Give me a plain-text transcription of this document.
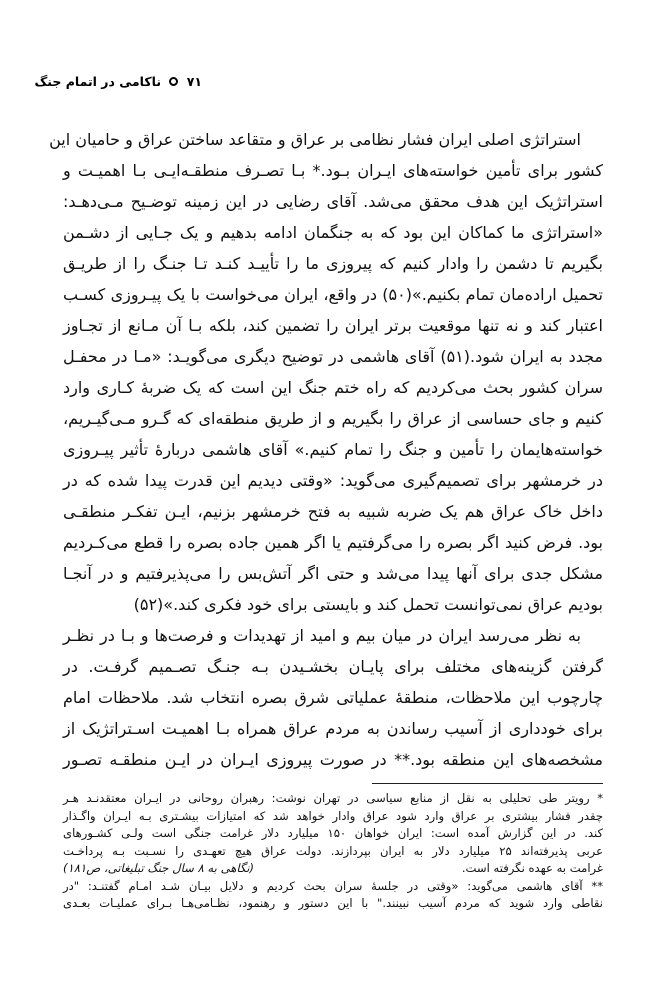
۷۱  ناکامی در اتمام جنگ
استراتژی اصلی ایران فشار نظامی بر عراق و متقاعد ساختن عراق و حامیان این
کشور برای تأمین خواسته‌های ایـران بـود.* بـا تصـرف منطقـه‌ایـی بـا اهمیـت و
استراتژیک این هدف محقق می‌شد. آقای رضایی در این زمینه توضـیح مـی‌دهـد:
«استراتژی ما کماکان این بود که به جنگمان ادامه بدهیم و یک جـایی از دشـمن
بگیریم تا دشمن را وادار کنیم که پیروزی ما را تأییـد کنـد تـا جنـگ را از طریـق
تحمیل اراده‌مان تمام بکنیم.»(۵۰) در واقع، ایران می‌خواست با یک پیـروزی کسـب
اعتبار کند و نه تنها موقعیت برتر ایران را تضمین کند، بلکه بـا آن مـانع از تجـاوز
مجدد به ایران شود.(۵۱) آقای هاشمی در توضیح دیگری می‌گویـد: «مـا در محفـل
سران کشور بحث می‌کردیم که راه ختم جنگ این است که یک ضربهٔ کـاری وارد
کنیم و جای حساسی از عراق را بگیریم و از طریق منطقه‌ای که گـرو مـی‌گیـریم،
خواسته‌هایمان را تأمین و جنگ را تمام کنیم.» آقای هاشمی دربارهٔ تأثیر پیـروزی
در خرمشهر برای تصمیم‌گیری می‌گوید: «وقتی دیدیم این قدرت پیدا شده که در
داخل خاک عراق هم یک ضربه شبیه به فتح خرمشهر بزنیم، ایـن تفکـر منطقـی
بود. فرض کنید اگر بصره را می‌گرفتیم یا اگر همین جاده بصره را قطع می‌کـردیم
مشکل جدی برای آنها پیدا می‌شد و حتی اگر آتش‌بس را می‌پذیرفتیم و در آنجـا
بودیم عراق نمی‌توانست تحمل کند و بایستی برای خود فکری کند.»(۵۲)
به نظر می‌رسد ایران در میان بیم و امید از تهدیدات و فرصت‌ها و بـا در نظـر
گرفتن گزینه‌های مختلف برای پایـان بخشـیدن بـه جنـگ تصـمیم گرفـت. در
چارچوب این ملاحظات، منطقهٔ عملیاتی شرق بصره انتخاب شد. ملاحظات امام
برای خودداری از آسیب رساندن به مردم عراق همراه بـا اهمیـت اسـتراتژیک از
مشخصه‌های این منطقه بود.** در صورت پیروزی ایـران در ایـن منطقـه تصـور
* رویتر طی تحلیلی به نقل از منابع سیاسی در تهران نوشت: رهبران روحانی در ایـران معتقدنـد هـر
چقدر فشار بیشتری بر عراق وارد شود عراق وادار خواهد شد که امتیازات بیشـتری بـه ایـران واگـذار
کند. در این گزارش آمده است: ایران خواهان ۱۵۰ میلیارد دلار غرامت جنگی است ولـی کشـورهای
عربی پذیرفته‌اند ۲۵ میلیارد دلار به ایران بپردازند. دولت عراق هیچ تعهـدی را نسـبت بـه پرداخـت
غرامت به عهده نگرفته است.
(نگاهی به ۸ سال جنگ تبلیغاتی، ص۱۸۱)
** آقای هاشمی می‌گوید: «وقتی در جلسهٔ سران بحث کردیم و دلایل بیـان شـد امـام گفتنـد: "در
نقاطی وارد شوید که مردم آسیب نبینند." با این دستور و رهنمود، نظـامی‌هـا بـرای عملیـات بعـدی
